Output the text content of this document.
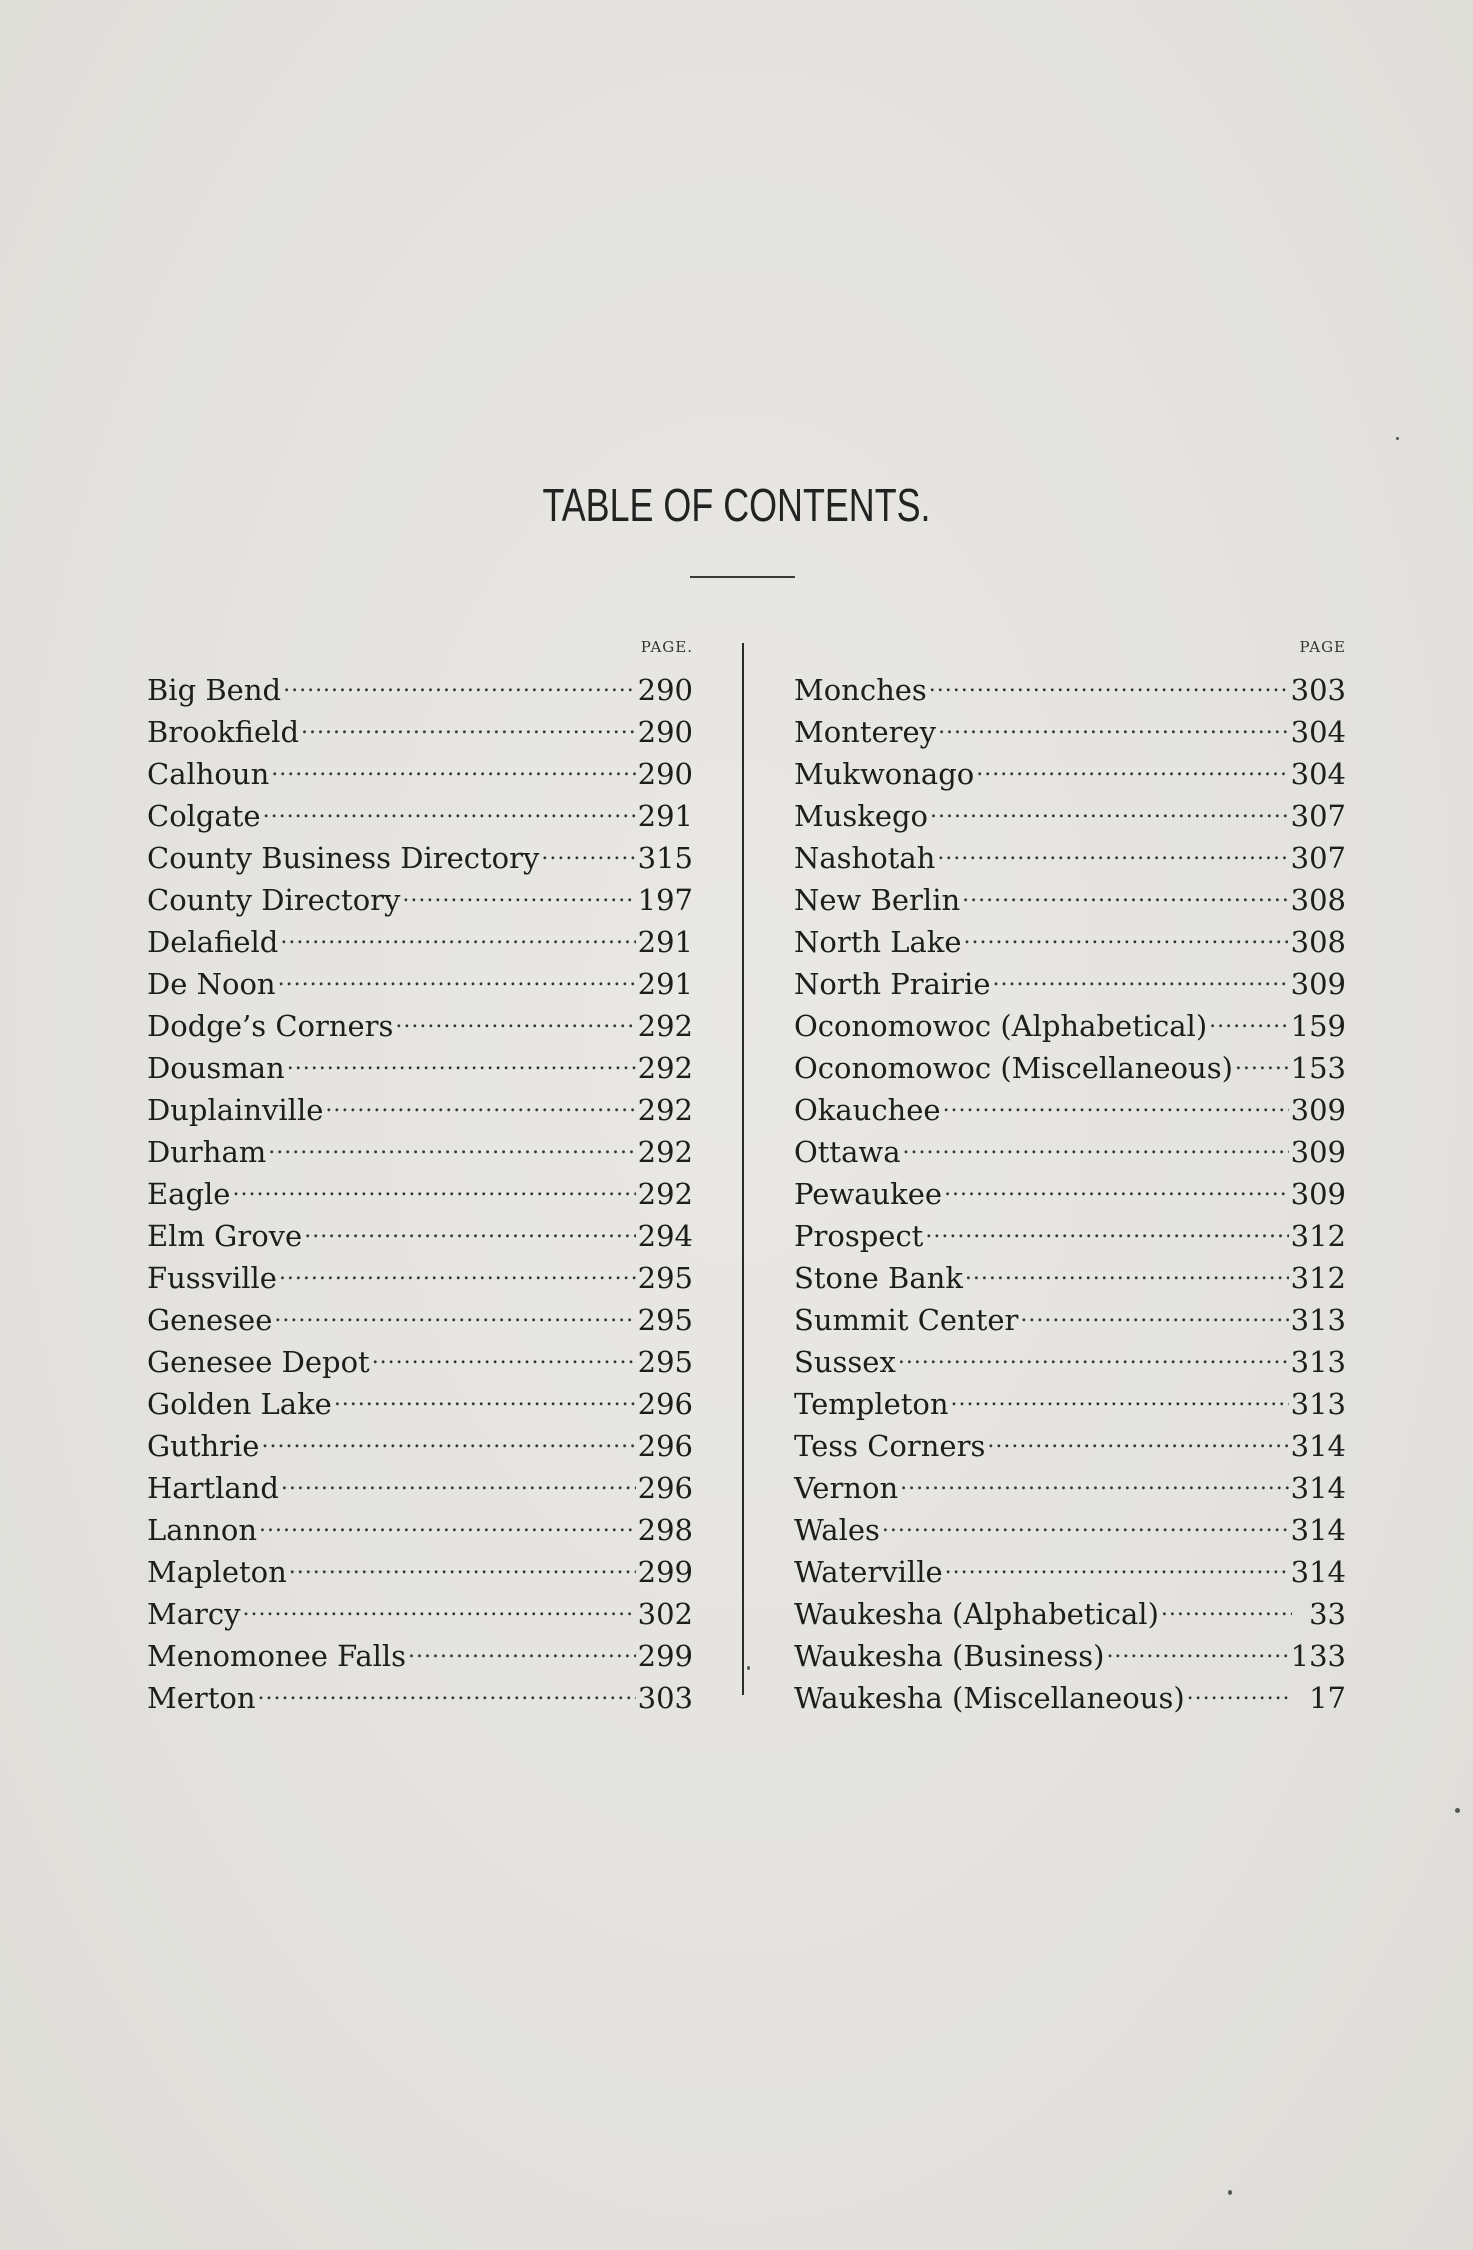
TABLE OF CONTENTS.
PAGE.
Big Bend .....	290
Brookfield .....	290
Calhoun .....	290
Colgate .....	291
County Business Directory .....	315
County Directory .....	197
Delafield .....	291
De Noon .....	291
Dodge’s Corners .....	292
Dousman .....	292
Duplainville .....	292
Durham .....	292
Eagle .....	292
Elm Grove .....	294
Fussville .....	295
Genesee .....	295
Genesee Depot .....	295
Golden Lake .....	296
Guthrie .....	296
Hartland .....	296
Lannon .....	298
Mapleton .....	299
Marcy .....	302
Menomonee Falls .....	299
Merton .....	303
PAGE
Monches .....	303
Monterey .....	304
Mukwonago .....	304
Muskego .....	307
Nashotah .....	307
New Berlin .....	308
North Lake .....	308
North Prairie .....	309
Oconomowoc (Alphabetical) .....	159
Oconomowoc (Miscellaneous) ..... 153
Okauchee .....	309
Ottawa .....	309
Pewaukee .....	309
Prospect .....	312
Stone Bank .....	312
Summit Center .....	313
Sussex .....	313
Templeton .....	313
Tess Corners .....	314
Vernon .....	314
Wales .....	314
Waterville .....	314
Waukesha (Alphabetical) .....	33
Waukesha (Business) .....	133
Waukesha (Miscellaneous) .....	17
